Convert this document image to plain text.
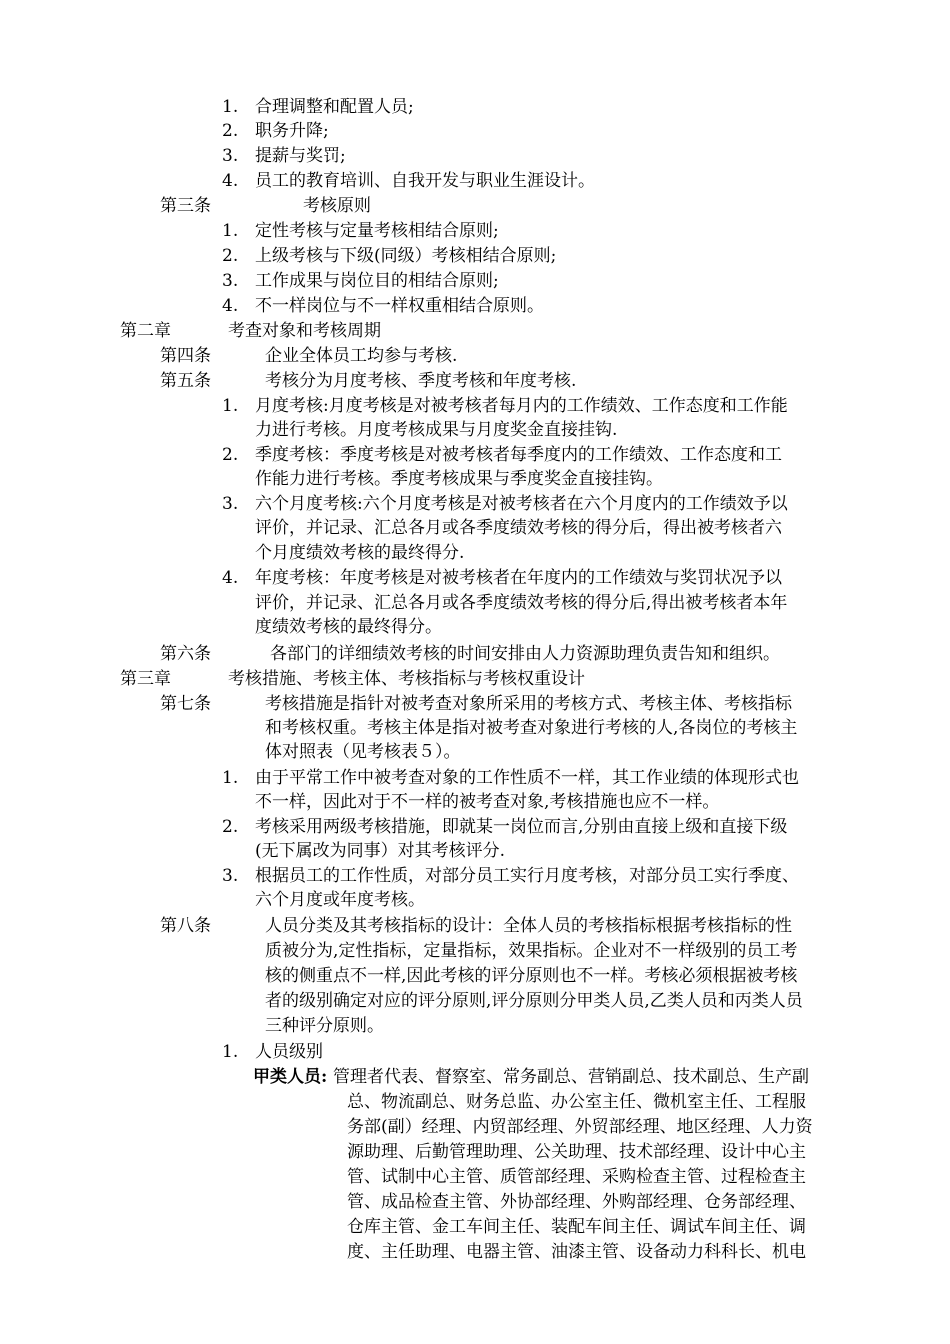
1. 合理调整和配置人员;
2. 职务升降;
3. 提薪与奖罚;
4. 员工的教育培训、自我开发与职业生涯设计。
第三条	考核原则
1. 定性考核与定量考核相结合原则;
2. 上级考核与下级(同级）考核相结合原则;
3. 工作成果与岗位目的相结合原则;
4. 不一样岗位与不一样权重相结合原则。
第二章	考查对象和考核周期
第四条	企业全体员工均参与考核.
第五条	考核分为月度考核、季度考核和年度考核.
1. 月度考核:月度考核是对被考核者每月内的工作绩效、工作态度和工作能
力进行考核。月度考核成果与月度奖金直接挂钩.
2. 季度考核：季度考核是对被考核者每季度内的工作绩效、工作态度和工
作能力进行考核。季度考核成果与季度奖金直接挂钩。
3. 六个月度考核:六个月度考核是对被考核者在六个月度内的工作绩效予以
评价，并记录、汇总各月或各季度绩效考核的得分后，得出被考核者六
个月度绩效考核的最终得分.
4. 年度考核：年度考核是对被考核者在年度内的工作绩效与奖罚状况予以
评价，并记录、汇总各月或各季度绩效考核的得分后,得出被考核者本年
度绩效考核的最终得分。
第六条	各部门的详细绩效考核的时间安排由人力资源助理负责告知和组织。
第三章	考核措施、考核主体、考核指标与考核权重设计
第七条	考核措施是指针对被考查对象所采用的考核方式、考核主体、考核指标
和考核权重。考核主体是指对被考查对象进行考核的人,各岗位的考核主
体对照表（见考核表５）。
1. 由于平常工作中被考查对象的工作性质不一样，其工作业绩的体现形式也
不一样，因此对于不一样的被考查对象,考核措施也应不一样。
2. 考核采用两级考核措施，即就某一岗位而言,分别由直接上级和直接下级
(无下属改为同事）对其考核评分.
3. 根据员工的工作性质，对部分员工实行月度考核，对部分员工实行季度、
六个月度或年度考核。
第八条	人员分类及其考核指标的设计：全体人员的考核指标根据考核指标的性
质被分为,定性指标，定量指标，效果指标。企业对不一样级别的员工考
核的侧重点不一样,因此考核的评分原则也不一样。考核必须根据被考核
者的级别确定对应的评分原则,评分原则分甲类人员,乙类人员和丙类人员
三种评分原则。
1. 人员级别
甲类人员: 管理者代表、督察室、常务副总、营销副总、技术副总、生产副
总、物流副总、财务总监、办公室主任、微机室主任、工程服
务部(副）经理、内贸部经理、外贸部经理、地区经理、人力资
源助理、后勤管理助理、公关助理、技术部经理、设计中心主
管、试制中心主管、质管部经理、采购检查主管、过程检查主
管、成品检查主管、外协部经理、外购部经理、仓务部经理、
仓库主管、金工车间主任、装配车间主任、调试车间主任、调
度、主任助理、电器主管、油漆主管、设备动力科科长、机电
